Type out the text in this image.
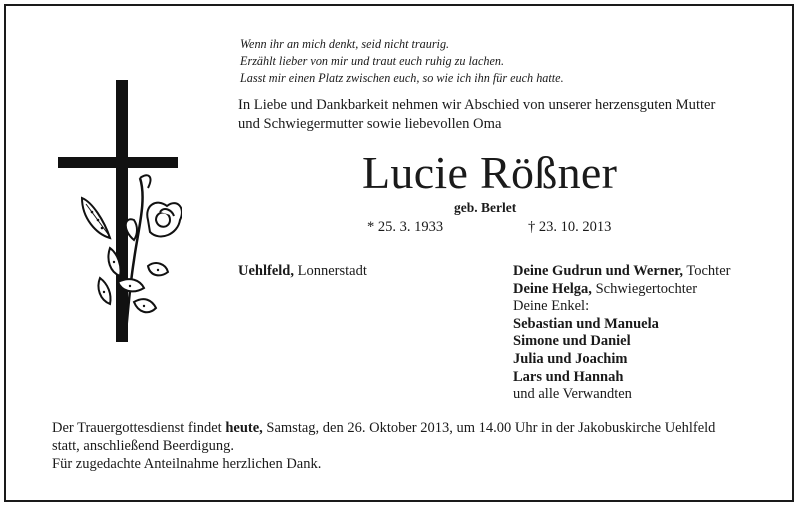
Wenn ihr an mich denkt, seid nicht traurig.
Erzählt lieber von mir und traut euch ruhig zu lachen.
Lasst mir einen Platz zwischen euch, so wie ich ihn für euch hatte.
In Liebe und Dankbarkeit nehmen wir Abschied von unserer herzensguten Mutter
und Schwiegermutter sowie liebevollen Oma
Lucie Rößner
geb. Berlet
* 25. 3. 1933	† 23. 10. 2013
Uehlfeld, Lonnerstadt	Deine Gudrun und Werner, Tochter
Deine Helga, Schwiegertochter
Deine Enkel:
Sebastian und Manuela
Simone und Daniel
Julia und Joachim
Lars und Hannah
und alle Verwandten
Der Trauergottesdienst findet heute, Samstag, den 26. Oktober 2013, um 14.00 Uhr in der Jakobuskirche Uehlfeld
statt, anschließend Beerdigung.
Für zugedachte Anteilnahme herzlichen Dank.
